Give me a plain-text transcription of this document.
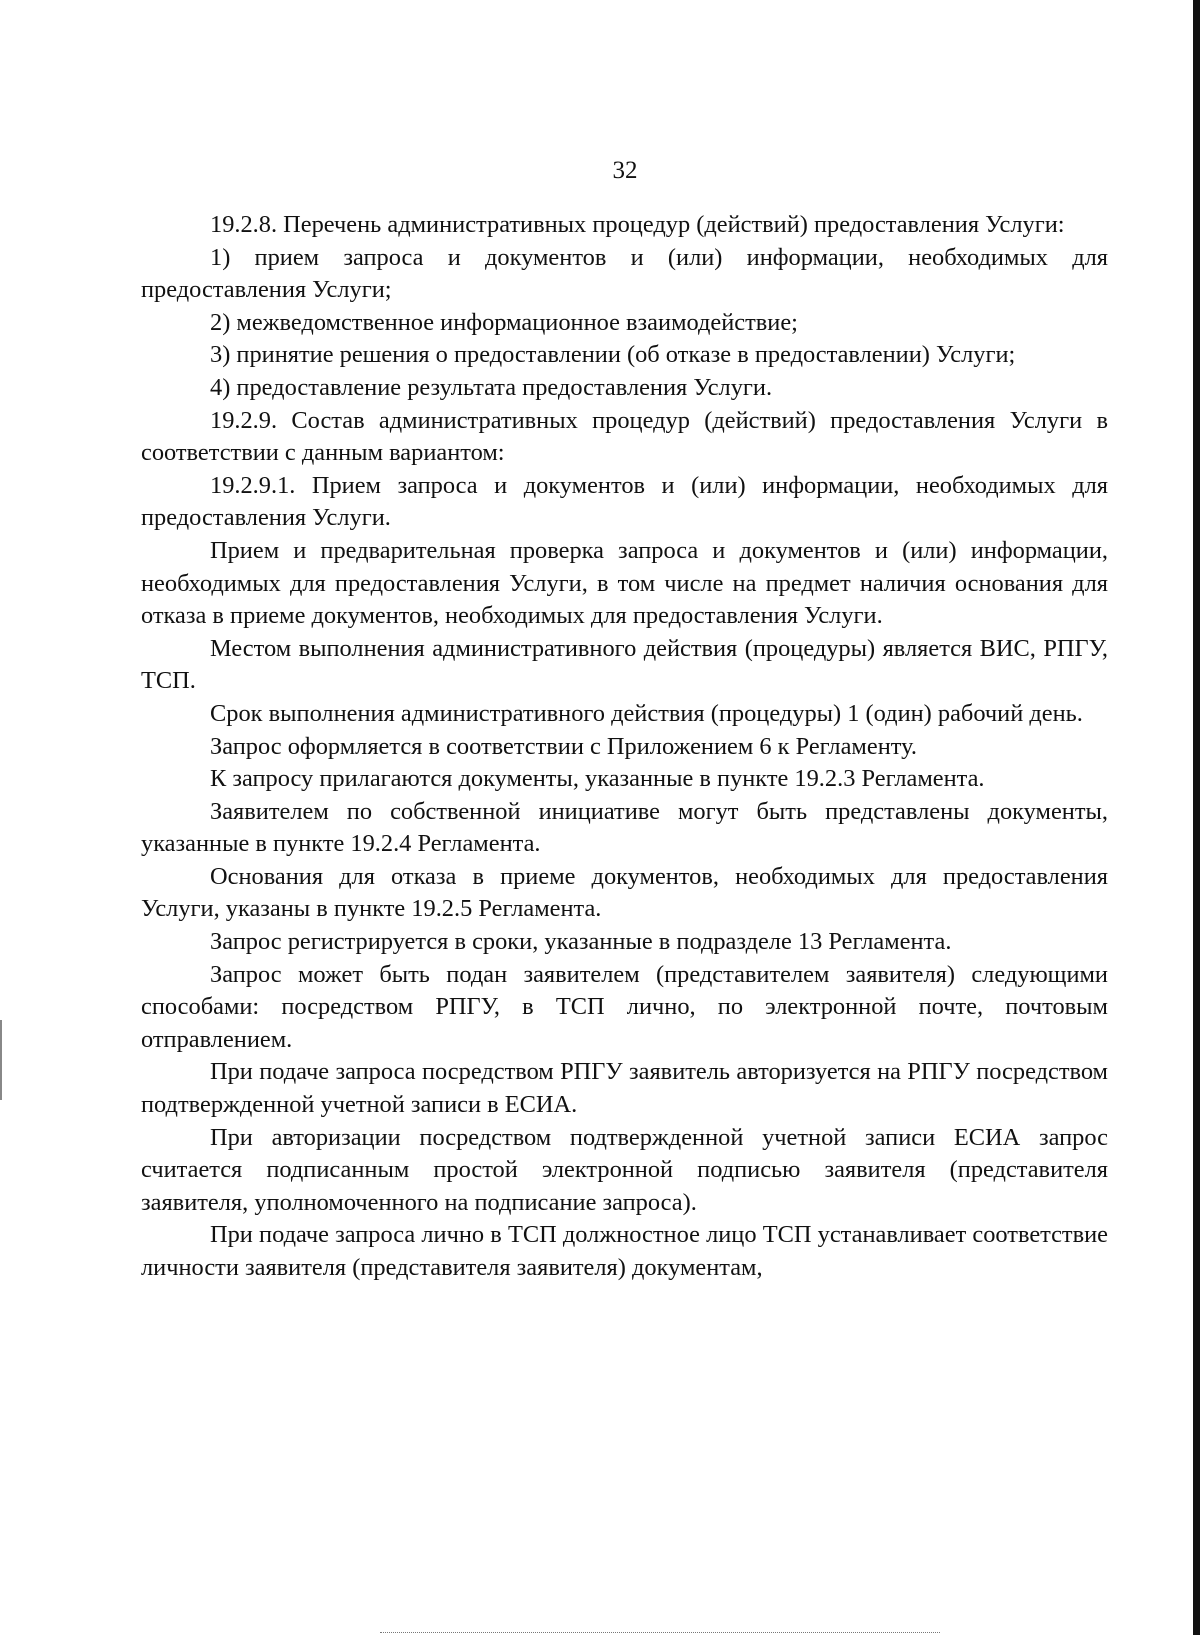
32

19.2.8. Перечень административных процедур (действий) предоставления Услуги:

1) прием запроса и документов и (или) информации, необходимых для предоставления Услуги;

2) межведомственное информационное взаимодействие;

3) принятие решения о предоставлении (об отказе в предоставлении) Услуги;

4) предоставление результата предоставления Услуги.

19.2.9. Состав административных процедур (действий) предоставления Услуги в соответствии с данным вариантом:

19.2.9.1. Прием запроса и документов и (или) информации, необходимых для предоставления Услуги.

Прием и предварительная проверка запроса и документов и (или) информации, необходимых для предоставления Услуги, в том числе на предмет наличия основания для отказа в приеме документов, необходимых для предоставления Услуги.

Местом выполнения административного действия (процедуры) является ВИС, РПГУ, ТСП.

Срок выполнения административного действия (процедуры) 1 (один) рабочий день.

Запрос оформляется в соответствии с Приложением 6 к Регламенту.

К запросу прилагаются документы, указанные в пункте 19.2.3 Регламента.

Заявителем по собственной инициативе могут быть представлены документы, указанные в пункте 19.2.4 Регламента.

Основания для отказа в приеме документов, необходимых для предоставления Услуги, указаны в пункте 19.2.5 Регламента.

Запрос регистрируется в сроки, указанные в подразделе 13 Регламента.

Запрос может быть подан заявителем (представителем заявителя) следующими способами: посредством РПГУ, в ТСП лично, по электронной почте, почтовым отправлением.

При подаче запроса посредством РПГУ заявитель авторизуется на РПГУ посредством подтвержденной учетной записи в ЕСИА.

При авторизации посредством подтвержденной учетной записи ЕСИА запрос считается подписанным простой электронной подписью заявителя (представителя заявителя, уполномоченного на подписание запроса).

При подаче запроса лично в ТСП должностное лицо ТСП устанавливает соответствие личности заявителя (представителя заявителя) документам,
